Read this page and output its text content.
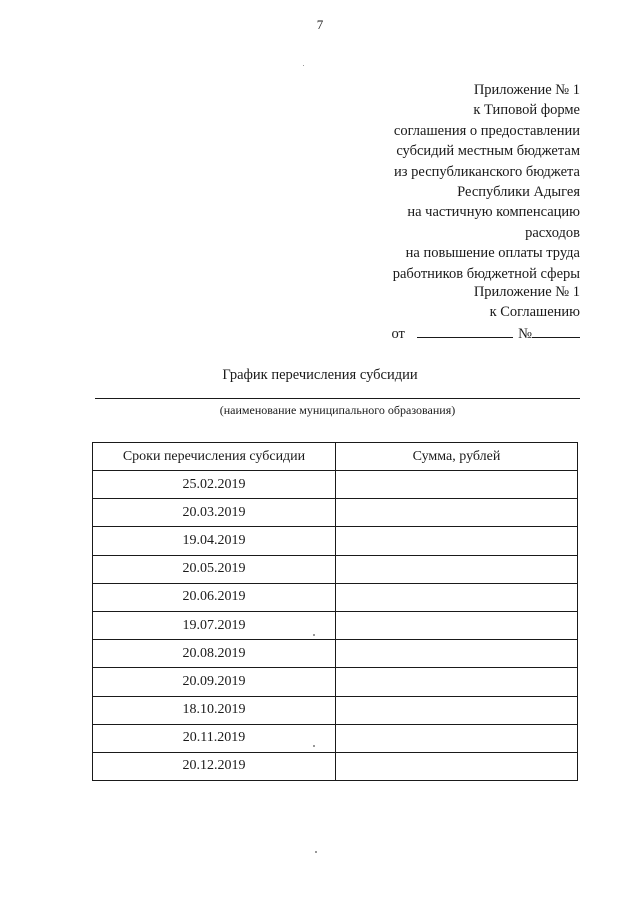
7
Приложение № 1
к Типовой форме
соглашения о предоставлении
субсидий местным бюджетам
из республиканского бюджета
Республики Адыгея
на частичную компенсацию
расходов
на повышение оплаты труда
работников бюджетной сферы
Приложение № 1
к Соглашению
от	№
График перечисления субсидии
(наименование муниципального образования)
Сроки перечисления субсидии	Сумма, рублей
25.02.2019	
20.03.2019	
19.04.2019	
20.05.2019	
20.06.2019	
19.07.2019	
20.08.2019	
20.09.2019	
18.10.2019	
20.11.2019	
20.12.2019	
